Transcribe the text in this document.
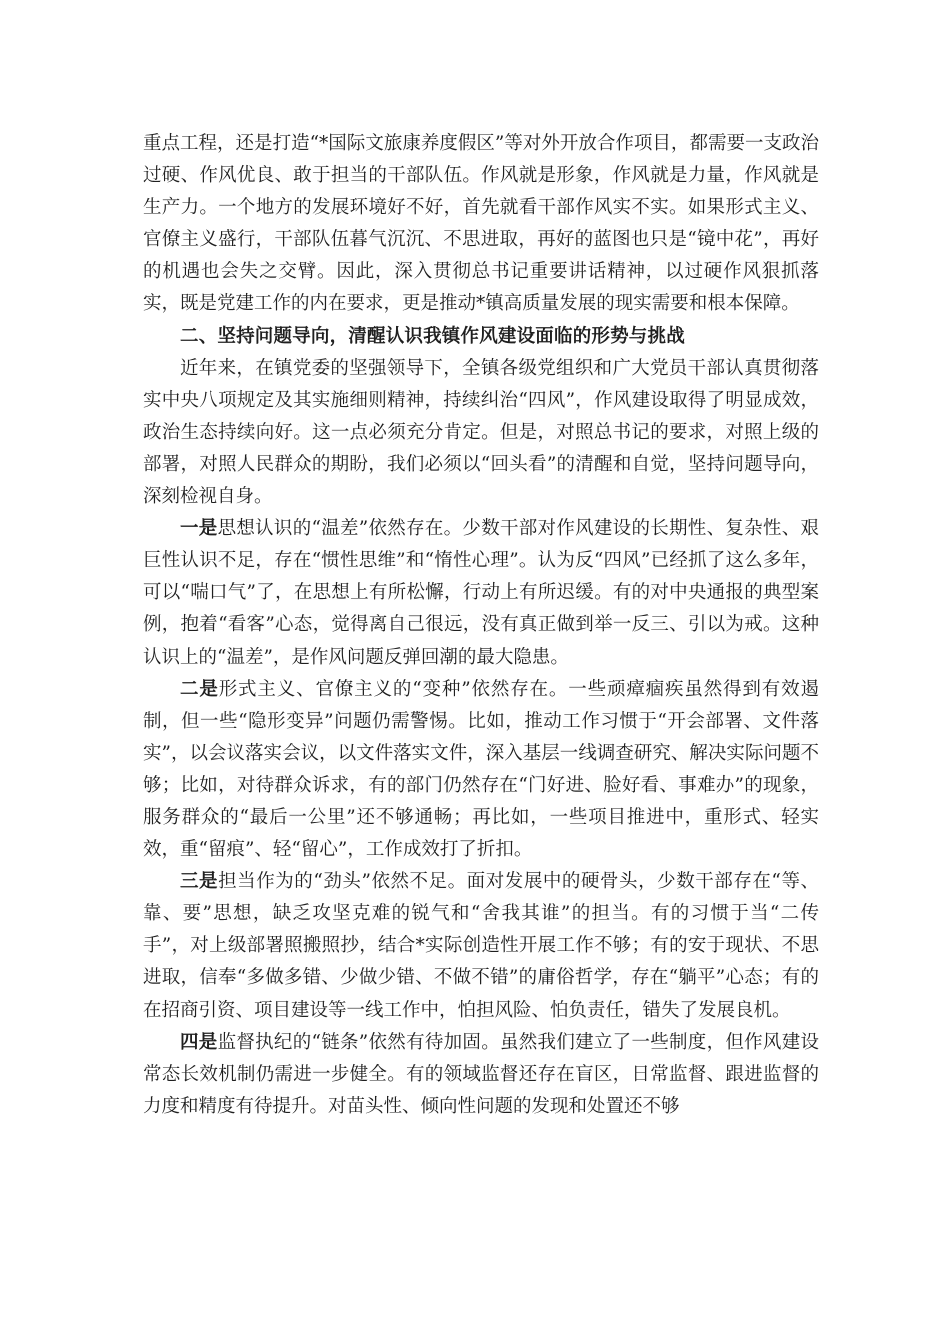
重点工程，还是打造“*国际文旅康养度假区”等对外开放合作项目，都需要一支政治过硬、作风优良、敢于担当的干部队伍。作风就是形象，作风就是力量，作风就是生产力。一个地方的发展环境好不好，首先就看干部作风实不实。如果形式主义、官僚主义盛行，干部队伍暮气沉沉、不思进取，再好的蓝图也只是“镜中花”，再好的机遇也会失之交臂。因此，深入贯彻总书记重要讲话精神，以过硬作风狠抓落实，既是党建工作的内在要求，更是推动*镇高质量发展的现实需要和根本保障。

二、坚持问题导向，清醒认识我镇作风建设面临的形势与挑战

近年来，在镇党委的坚强领导下，全镇各级党组织和广大党员干部认真贯彻落实中央八项规定及其实施细则精神，持续纠治“四风”，作风建设取得了明显成效，政治生态持续向好。这一点必须充分肯定。但是，对照总书记的要求，对照上级的部署，对照人民群众的期盼，我们必须以“回头看”的清醒和自觉，坚持问题导向，深刻检视自身。

一是思想认识的“温差”依然存在。少数干部对作风建设的长期性、复杂性、艰巨性认识不足，存在“惯性思维”和“惰性心理”。认为反“四风”已经抓了这么多年，可以“喘口气”了，在思想上有所松懈，行动上有所迟缓。有的对中央通报的典型案例，抱着“看客”心态，觉得离自己很远，没有真正做到举一反三、引以为戒。这种认识上的“温差”，是作风问题反弹回潮的最大隐患。

二是形式主义、官僚主义的“变种”依然存在。一些顽瘴痼疾虽然得到有效遏制，但一些“隐形变异”问题仍需警惕。比如，推动工作习惯于“开会部署、文件落实”，以会议落实会议，以文件落实文件，深入基层一线调查研究、解决实际问题不够；比如，对待群众诉求，有的部门仍然存在“门好进、脸好看、事难办”的现象，服务群众的“最后一公里”还不够通畅；再比如，一些项目推进中，重形式、轻实效，重“留痕”、轻“留心”，工作成效打了折扣。

三是担当作为的“劲头”依然不足。面对发展中的硬骨头，少数干部存在“等、靠、要”思想，缺乏攻坚克难的锐气和“舍我其谁”的担当。有的习惯于当“二传手”，对上级部署照搬照抄，结合*实际创造性开展工作不够；有的安于现状、不思进取，信奉“多做多错、少做少错、不做不错”的庸俗哲学，存在“躺平”心态；有的在招商引资、项目建设等一线工作中，怕担风险、怕负责任，错失了发展良机。

四是监督执纪的“链条”依然有待加固。虽然我们建立了一些制度，但作风建设常态长效机制仍需进一步健全。有的领域监督还存在盲区，日常监督、跟进监督的力度和精度有待提升。对苗头性、倾向性问题的发现和处置还不够
